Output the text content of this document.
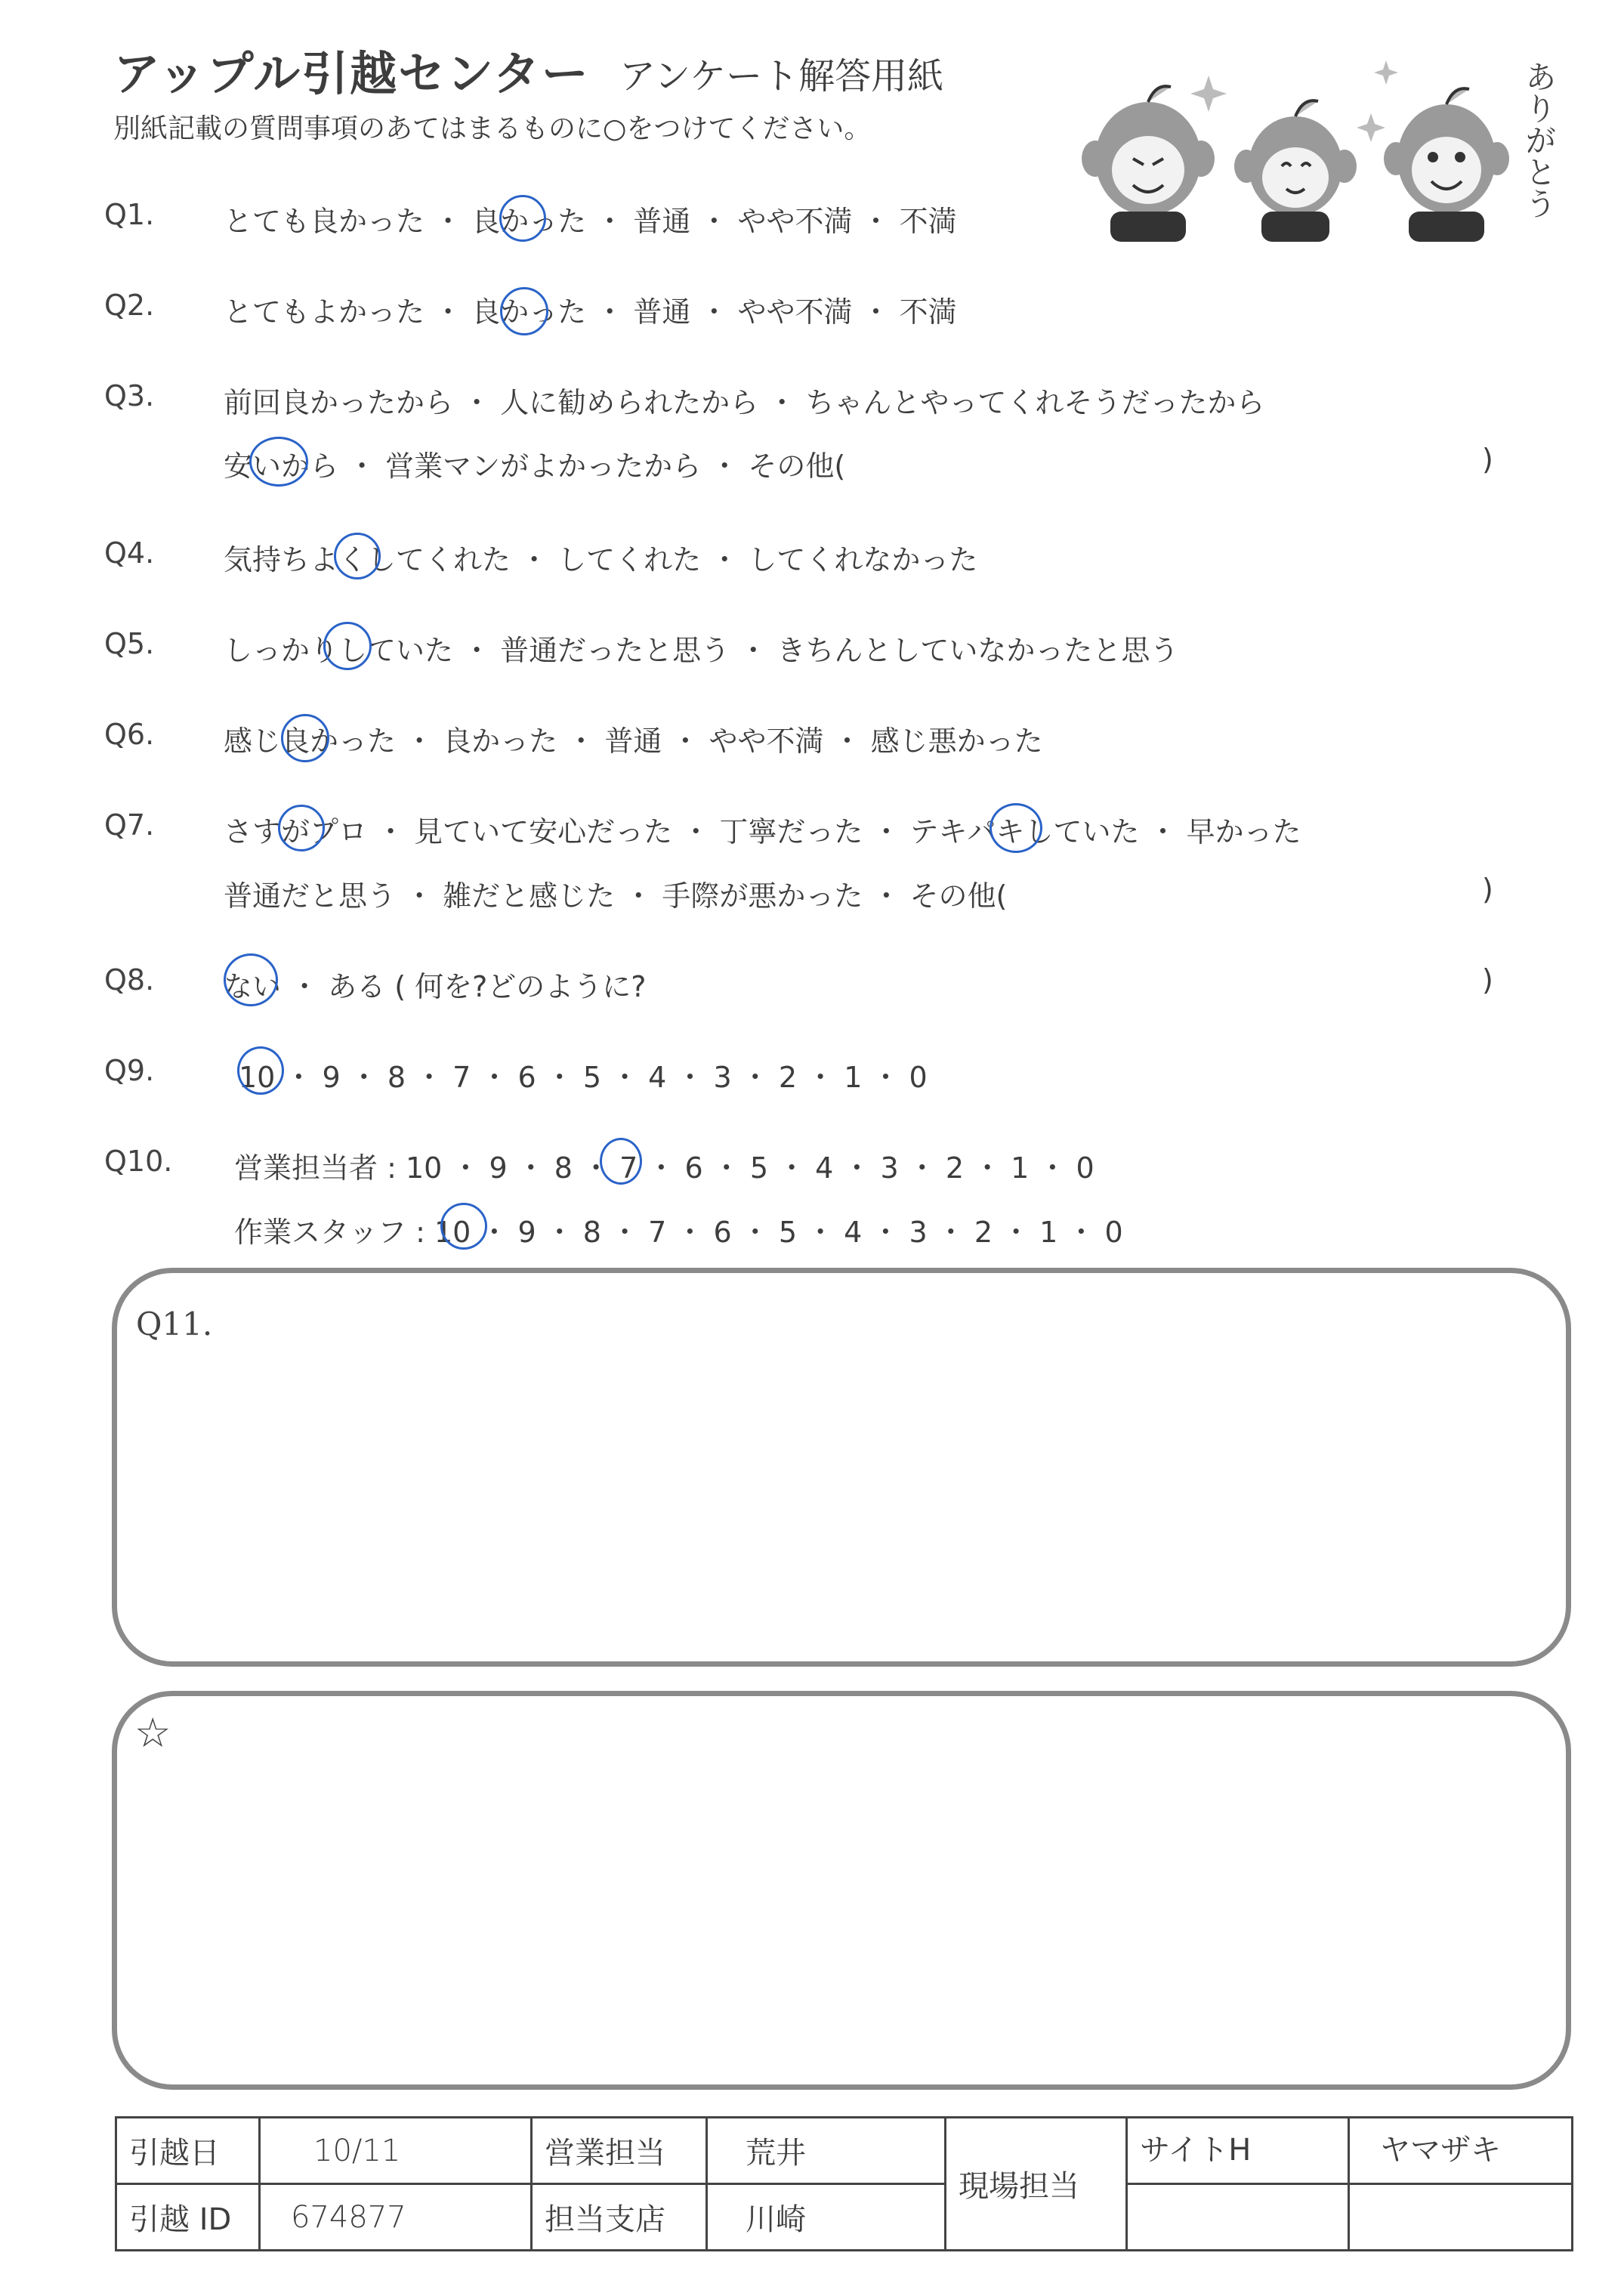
アップル引越センター アンケート解答用紙
別紙記載の質問事項のあてはまるものに○をつけてください。	ありがとう
Q1. とても良かった ・ 良かった ・ 普通 ・ やや不満 ・ 不満
Q2. とてもよかった ・ 良かった ・ 普通 ・ やや不満 ・ 不満
Q3. 前回良かったから ・ 人に勧められたから ・ ちゃんとやってくれそうだったから
安いから ・ 営業マンがよかったから ・ その他(	)
Q4. 気持ちよくしてくれた ・ してくれた ・ してくれなかった
Q5. しっかりしていた ・ 普通だったと思う ・ きちんとしていなかったと思う
Q6. 感じ良かった ・ 良かった ・ 普通 ・ やや不満 ・ 感じ悪かった
Q7. さすがプロ ・ 見ていて安心だった ・ 丁寧だった ・ テキパキしていた ・ 早かった
普通だと思う ・ 雑だと感じた ・ 手際が悪かった ・ その他(	)
Q8. ない ・ ある ( 何を?どのように?	)
Q9.	10 ・ 9 ・ 8 ・ 7 ・ 6 ・ 5 ・ 4 ・ 3 ・ 2 ・ 1 ・ 0
Q10. 営業担当者 : 10 ・ 9 ・ 8 ・ 7 ・ 6 ・ 5 ・ 4 ・ 3 ・ 2 ・ 1 ・ 0
作業スタッフ : 10 ・ 9 ・ 8 ・ 7 ・ 6 ・ 5 ・ 4 ・ 3 ・ 2 ・ 1 ・ 0
Q11.
☆
引越日	10/11	営業担当	荒井	現場担当	サイトH	ヤマザキ
引越 ID	674877	担当支店	川崎			
